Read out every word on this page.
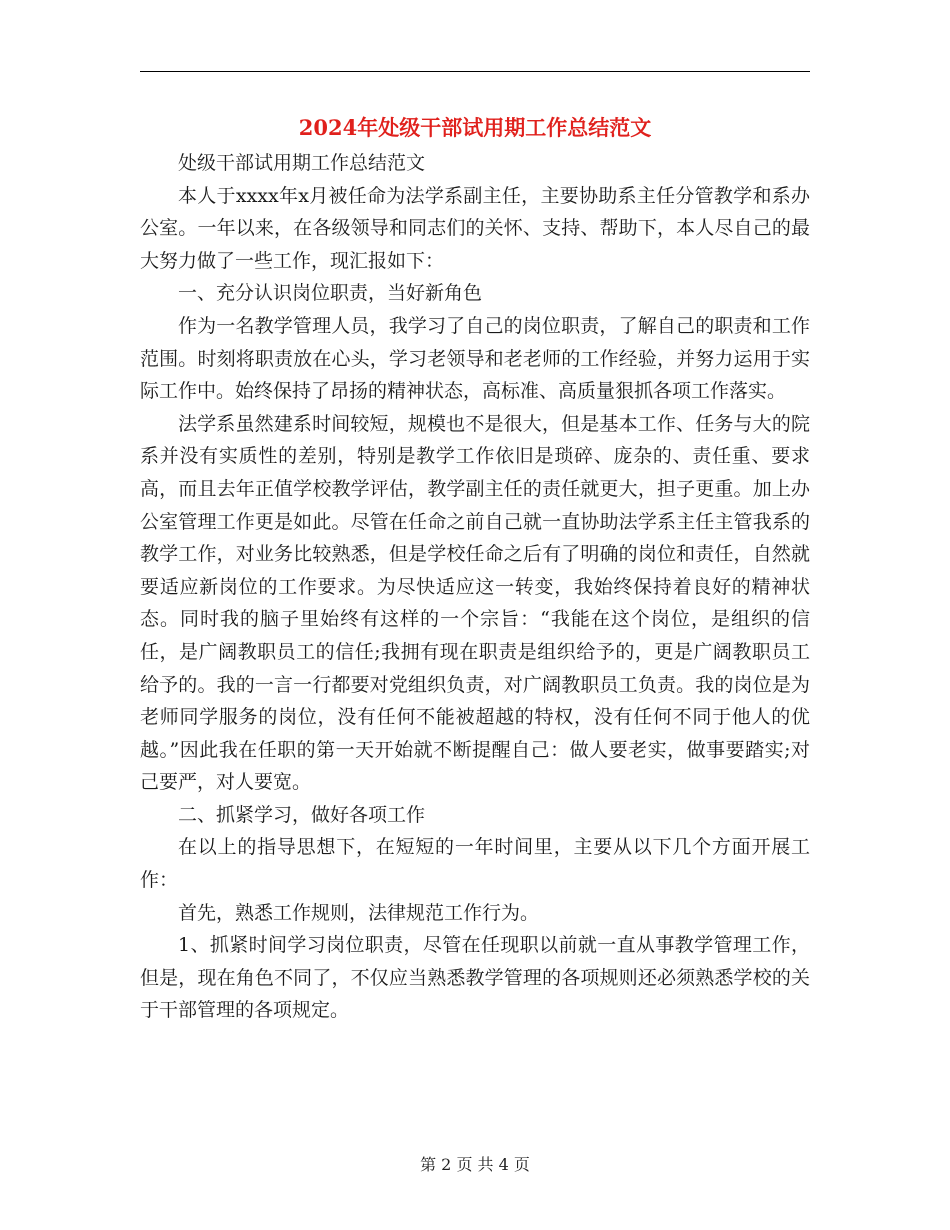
2024年处级干部试用期工作总结范文

处级干部试用期工作总结范文

本人于xxxx年x月被任命为法学系副主任，主要协助系主任分管教学和系办公室。一年以来，在各级领导和同志们的关怀、支持、帮助下，本人尽自己的最大努力做了一些工作，现汇报如下：

一、充分认识岗位职责，当好新角色

作为一名教学管理人员，我学习了自己的岗位职责，了解自己的职责和工作范围。时刻将职责放在心头，学习老领导和老老师的工作经验，并努力运用于实际工作中。始终保持了昂扬的精神状态，高标准、高质量狠抓各项工作落实。

法学系虽然建系时间较短，规模也不是很大，但是基本工作、任务与大的院系并没有实质性的差别，特别是教学工作依旧是琐碎、庞杂的、责任重、要求高，而且去年正值学校教学评估，教学副主任的责任就更大，担子更重。加上办公室管理工作更是如此。尽管在任命之前自己就一直协助法学系主任主管我系的教学工作，对业务比较熟悉，但是学校任命之后有了明确的岗位和责任，自然就要适应新岗位的工作要求。为尽快适应这一转变，我始终保持着良好的精神状态。同时我的脑子里始终有这样的一个宗旨：“我能在这个岗位，是组织的信任，是广阔教职员工的信任;我拥有现在职责是组织给予的，更是广阔教职员工给予的。我的一言一行都要对党组织负责，对广阔教职员工负责。我的岗位是为老师同学服务的岗位，没有任何不能被超越的特权，没有任何不同于他人的优越。”因此我在任职的第一天开始就不断提醒自己：做人要老实，做事要踏实;对己要严，对人要宽。

二、抓紧学习，做好各项工作

在以上的指导思想下，在短短的一年时间里，主要从以下几个方面开展工作：

首先，熟悉工作规则，法律规范工作行为。

1、抓紧时间学习岗位职责，尽管在任现职以前就一直从事教学管理工作，但是，现在角色不同了，不仅应当熟悉教学管理的各项规则还必须熟悉学校的关于干部管理的各项规定。

第 2 页 共 4 页
